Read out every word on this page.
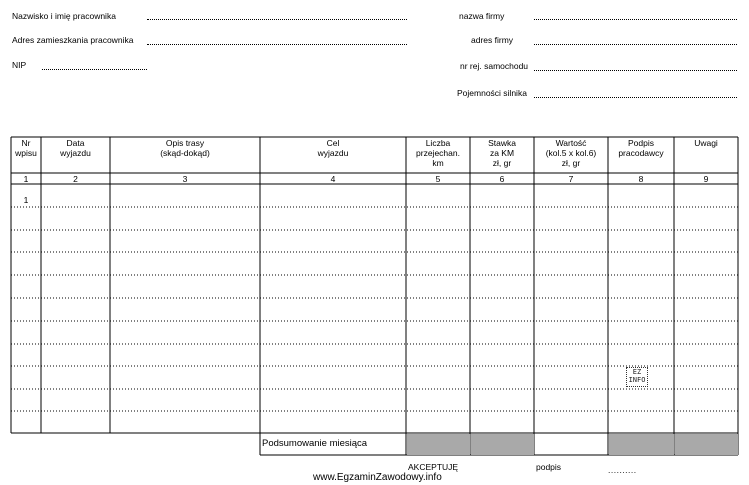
Nazwisko i imię pracownika
Adres zamieszkania pracownika
NIP
nazwa firmy
adres firmy
nr rej. samochodu
Pojemności silnika
Nr
wpisu
1
Data
wyjazdu
2
Opis trasy
(skąd-dokąd)
3
Cel
wyjazdu
4
Liczba
przejechan.
km
5
Stawka
za KM
zł, gr
6
Wartość
(kol.5 x kol.6)
zł, gr
7
Podpis
pracodawcy
8
Uwagi
9
Podsumowanie miesiąca
1
EZ
INFO
AKCEPTUJĘ	podpis	..........
www.EgzaminZawodowy.info
